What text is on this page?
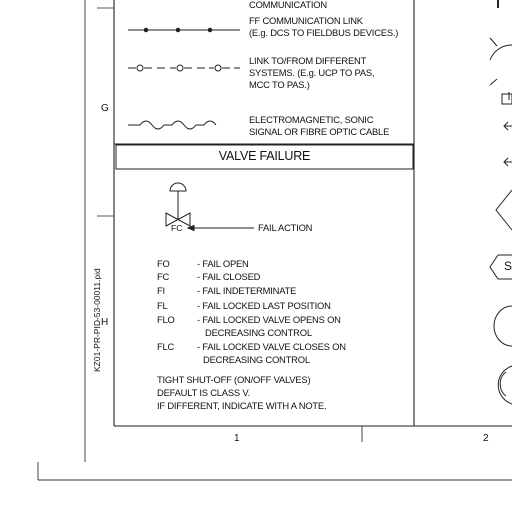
COMMUNICATION
FF COMMUNICATION LINK
(E.g. DCS TO FIELDBUS DEVICES.)
LINK TO/FROM DIFFERENT
SYSTEMS. (E.g. UCP TO PAS,
MCC TO PAS.)
ELECTROMAGNETIC, SONIC
SIGNAL OR FIBRE OPTIC CABLE
VALVE FAILURE
FC	FAIL ACTION
FO	- FAIL OPEN
FC	- FAIL CLOSED
FI	- FAIL INDETERMINATE
FL	- FAIL LOCKED LAST POSITION
FLO - FAIL LOCKED VALVE OPENS ON
DECREASING CONTROL
FLC - FAIL LOCKED VALVE CLOSES ON
DECREASING CONTROL
TIGHT SHUT-OFF (ON/OFF VALVES)
DEFAULT IS CLASS V.
IF DIFFERENT, INDICATE WITH A NOTE.
G
H
1	2
KZ01-PR-PID-53-00011.pid
S
